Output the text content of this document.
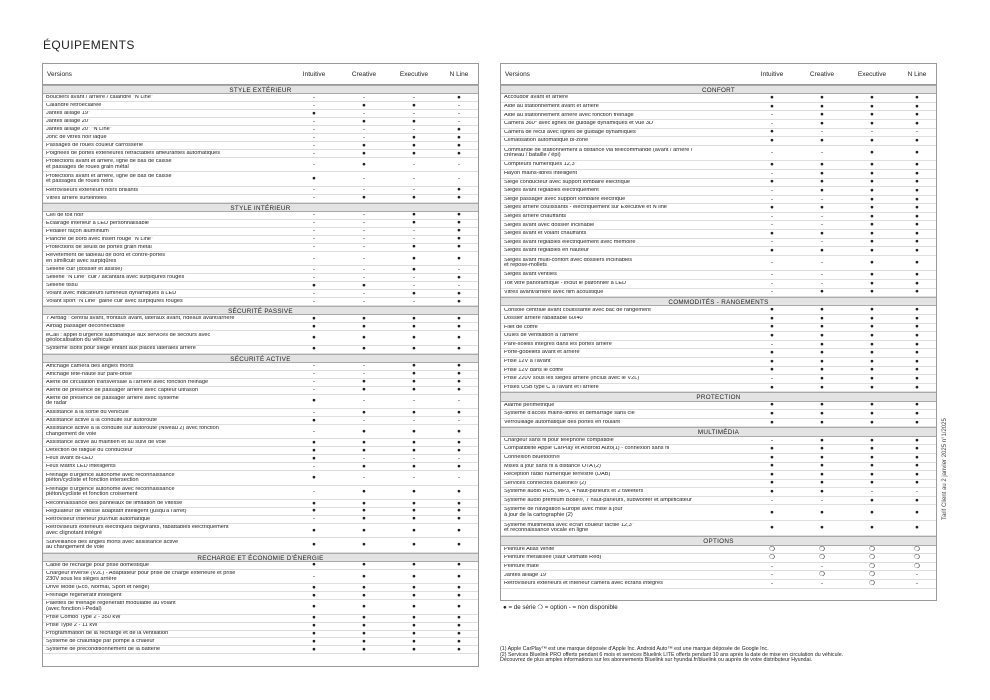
ÉQUIPEMENTS
Versions	Intuitive	Creative	Executive	N Line
STYLE EXTÉRIEUR
Boucliers avant / arrière / calandre "N Line"	-	-	-	●
Calandre rétroéclairée	-	●	●	-
Jantes alliage 19"	●	-	-	-
Jantes alliage 20"	-	●	●	-
Jantes alliage 20" "N Line"	-	-	-	●
Jonc de vitres noir laqué	-	-	●	●
Passages de roues couleur carrosserie	-	●	●	●
Poignées de portes extérieures rétractables affleurantes automatiques	-	●	●	●
Protections avant et arrière, ligne de bas de caisse
et passages de roues grain métal	-	●	-	-
Protections avant et arrière, ligne de bas de caisse
et passages de roues noirs	●	-	-	-
Rétroviseurs extérieurs noirs brillants	-	-	-	●
Vitres arrière surteintées	-	●	●	●
STYLE INTÉRIEUR
Ciel de toit noir	-	-	●	●
Eclairage intérieur à LED personnalisable	-	-	●	●
Pédalier façon aluminium	-	-	-	●
Planche de bord avec insert rouge "N Line"	-	-	-	●
Protections de seuils de portes grain métal	-	-	●	●
Revêtement de tableau de bord et contre-portes
en similicuir avec surpiqûres	-	-	●	●
Sellerie cuir (dossier et assise)	-	-	●	-
Sellerie "N Line" cuir / alcantara avec surpiqûres rouges	-	-	-	●
Sellerie tissu	●	●	-	-
Volant avec indicateurs lumineux dynamiques à LED	-	-	●	●
Volant sport "N Line" gainé cuir avec surpiqûres rouges	-	-	-	●
SÉCURITÉ PASSIVE
7 Airbag : central avant, frontaux avant, latéraux avant, rideaux avant/arrière	●	●	●	●
Airbag passager déconnectable	●	●	●	●
eCall : appel d'urgence automatique aux services de secours avec
géolocalisation du véhicule	●	●	●	●
Système Isofix pour siège enfant aux places latérales arrière	●	●	●	●
SÉCURITÉ ACTIVE
Affichage caméra des angles morts	-	-	●	●
Affichage tête-haute sur pare-brise	-	-	●	●
Alerte de circulation transversale à l'arrière avec fonction freinage	-	●	●	●
Alerte de présence de passager arrière avec capteur ultrason	-	●	●	●
Alerte de présence de passager arrière avec système
de radar	●	-	-	-
Assistance à la sortie du véhicule	-	●	●	●
Assistance active à la conduite sur autoroute	●	-	-	-
Assistance active à la conduite sur autoroute (Niveau 2) avec fonction
changement de voie	-	●	●	●
Assistance active au maintien et au suivi de voie	●	●	●	●
Détection de fatigue du conducteur	●	●	●	●
Feux avant Bi-LED	●	-	-	-
Feux Matrix LED intelligents	-	●	●	●
Freinage d'urgence autonome avec reconnaissance
piéton/cycliste et fonction intersection	●	-	-	-
Freinage d'urgence autonome avec reconnaissance
piéton/cycliste et fonction croisement	-	●	●	●
Reconnaissance des panneaux de limitation de vitesse	●	●	●	●
Régulateur de vitesse adaptatif intelligent (jusqu'à l'arrêt)	●	●	●	●
Rétroviseur intérieur jour/nuit automatique	-	●	●	●
Rétroviseurs extérieurs électriques dégivrants, rabattables électriquement
avec clignotant intégré	●	●	●	●
Surveillance des angles morts avec assistance active
au changement de voie	●	●	●	●
RECHARGE ET ÉCONOMIE D'ÉNERGIE
Câble de recharge pour prise domestique	●	●	●	●
Chargeur inversé (V2L) - Adaptateur pour prise de charge extérieure et prise
230V sous les sièges arrière	-	●	●	●
Drive Mode (Eco, Normal, Sport et Neige)	●	●	●	●
Freinage régénératif intelligent	●	●	●	●
Palettes de freinage régénératif modulable au volant
(avec fonction i-Pedal)	●	●	●	●
Prise Combo Type 2 - 350 kW	●	●	●	●
Prise Type 2 - 11 kW	●	●	●	●
Programmation de la recharge et de la ventilation	●	●	●	●
Système de chauffage par pompe à chaleur	●	●	●	●
Système de préconditionnement de la batterie	●	●	●	●
Versions	Intuitive	Creative	Executive	N Line
CONFORT
Accoudoir avant et arrière	●	●	●	●
Aide au stationnement avant et arrière	●	●	●	●
Aide au stationnement arrière avec fonction freinage	-	●	●	●
Caméra 360° avec lignes de guidage dynamiques et vue 3D	-	●	●	●
Caméra de recul avec lignes de guidage dynamiques	●	-	-	-
Climatisation automatique bi-zone	●	●	●	●
Commande de stationnement à distance via télécommande (avant / arrière /
créneau / bataille / épi)	-	-	●	●
Compteurs numériques 12,3"	●	●	●	●
Hayon mains-libres intelligent	-	●	●	●
Siège conducteur avec support lombaire électrique	●	●	●	●
Sièges avant réglables électriquement	-	●	●	●
Siège passager avec support lombaire électrique	-	-	●	●
Sièges arrière coulissants - électriquement sur Executive et N line	●	●	●	●
Sièges arrière chauffants	-	-	●	●
Sièges avant avec dossier inclinable	-	-	●	●
Sièges avant et volant chauffants	●	●	●	●
Sièges avant réglables électriquement avec mémoire	-	-	●	●
Sièges avant réglables en hauteur	●	●	●	●
Sièges avant multi-confort avec dossiers inclinables
et repose-mollets	-	-	●	●
Sièges avant ventilés	-	-	●	●
Toit vitré panoramique - inclut le plafonnier à LED	-	-	●	●
Vitres avant/arrière avec film acoustique	-	●	●	●
COMMODITÉS - RANGEMENTS
Console centrale avant coulissante avec bac de rangement	●	●	●	●
Dossier arrière rabattable 60/40	●	●	●	●
Filet de coffre	●	●	●	●
Ouïes de ventilation à l'arrière	●	●	●	●
Pare-soleils intégrés dans les portes arrière	-	●	●	●
Porte-gobelets avant et arrière	●	●	●	●
Prise 12V à l'avant	●	●	●	●
Prise 12V dans le coffre	●	●	●	●
Prise 220V sous les sièges arrière (inclus avec le V2L)	-	●	●	●
Prises USB type C à l'avant et l'arrière	●	●	●	●
PROTECTION
Alarme périmétrique	●	●	●	●
Système d'accès mains-libres et démarrage sans clé	●	●	●	●
Verrouillage automatique des portes en roulant	●	●	●	●
MULTIMÉDIA
Chargeur sans fil pour téléphone compatible	-	●	●	●
Compatibilité Apple CarPlay et Android Auto(1) - connexion sans fil	●	●	●	●
Connexion Bluetooth®	●	●	●	●
Mises à jour sans fil à distance OTA (2)	●	●	●	●
Réception radio numérique terrestre (DAB)	●	●	●	●
Services connectés Bluelink® (2)	●	●	●	●
Système audio RDS, MP3, 4 haut-parleurs et 2 tweeters	●	●	-	-
Système audio premium Bose®, 7 haut-parleurs, subwoofer et amplificateur	-	-	●	●
Système de navigation Europe avec mise à jour
à jour de la cartographie (2)	●	●	●	●
Système multimédia avec écran couleur tactile 12,3"
et reconnaissance vocale en ligne	●	●	●	●
OPTIONS
Peinture Atlas White	❍	❍	❍	❍
Peinture métallisée (sauf Ultimate Red)	❍	❍	❍	❍
Peinture mate	-	-	❍	❍
Jantes alliage 19"	-	❍	❍	-
Rétroviseurs extérieurs et intérieur caméra avec écrans intégrés	-	-	❍	-
● = de série ❍ = option - = non disponible
(1) Apple CarPlay™ est une marque déposée d'Apple Inc. Android Auto™ est une marque déposée de Google Inc.
(2) Services Bluelink PRO offerts pendant 6 mois et services Bluelink LITE offerts pendant 10 ans après la date de mise en circulation du véhicule.
Découvrez de plus amples informations sur les abonnements Bluelink sur hyundai.fr/bluelink ou auprès de votre distributeur Hyundai.
Tarif Client au 2 janvier 2025 n°1/2025
